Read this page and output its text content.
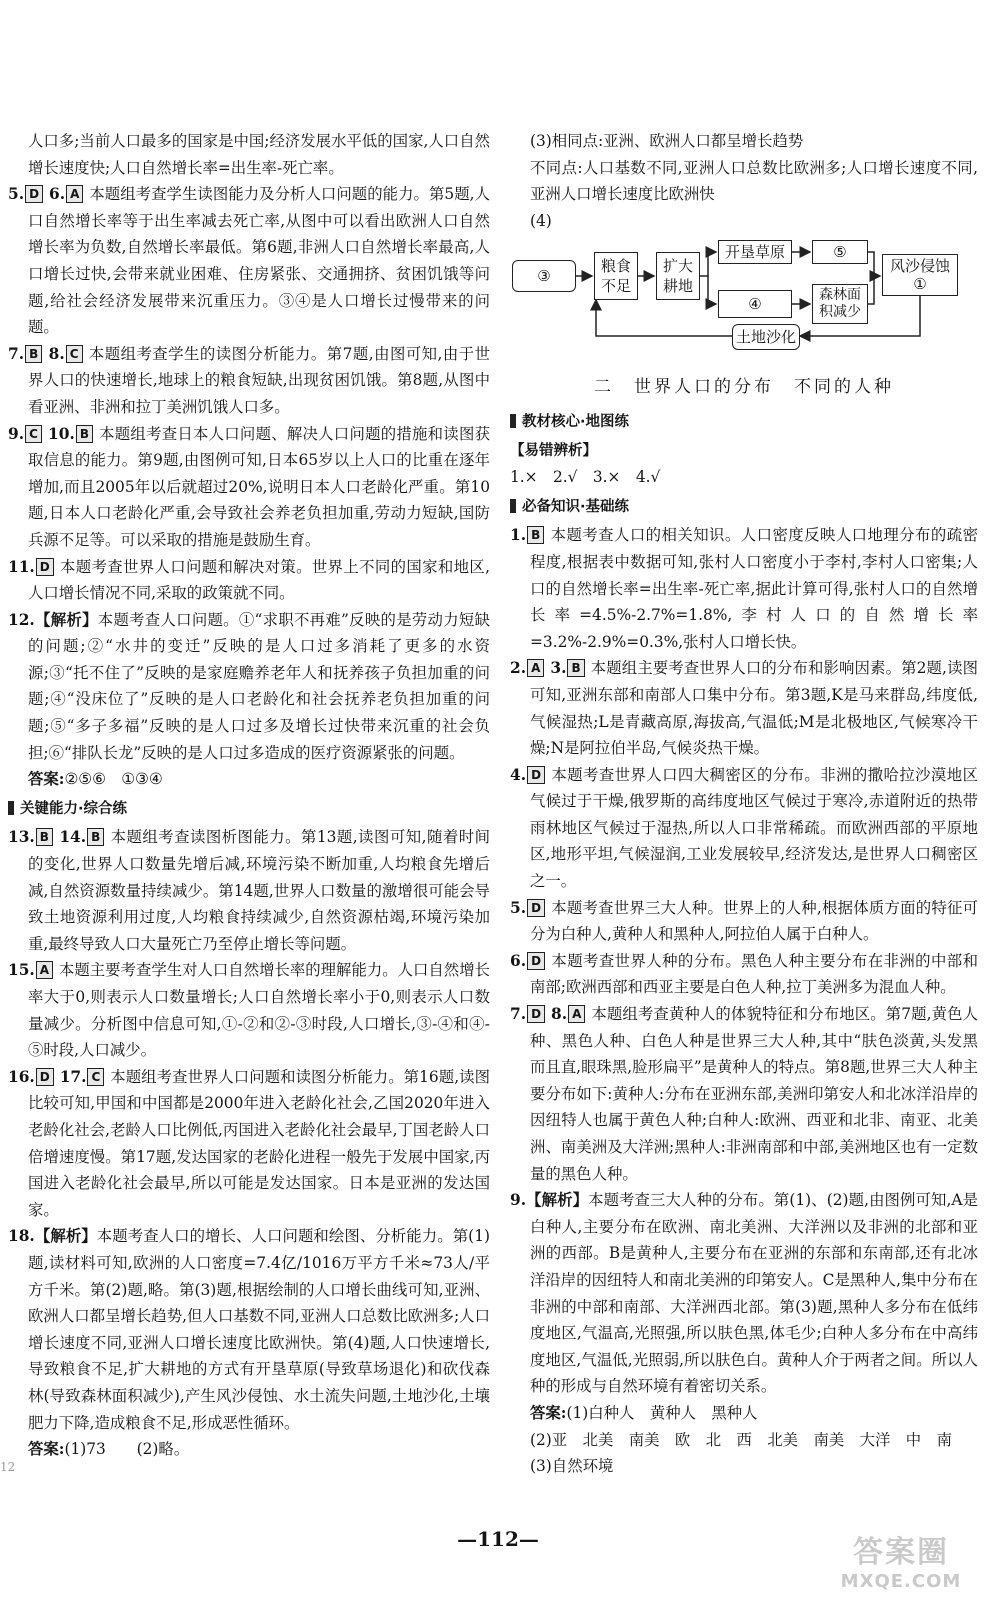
人口多;当前人口最多的国家是中国;经济发展水平低的国家,人口自然增长速度快;人口自然增长率=出生率-死亡率。

5. D 6. A 本题组考查学生读图能力及分析人口问题的能力。第5题,人口自然增长率等于出生率减去死亡率,从图中可以看出欧洲人口自然增长率为负数,自然增长率最低。第6题,非洲人口自然增长率最高,人口增长过快,会带来就业困难、住房紧张、交通拥挤、贫困饥饿等问题,给社会经济发展带来沉重压力。③④是人口增长过慢带来的问题。

7. B 8. C 本题组考查学生的读图分析能力。第7题,由图可知,由于世界人口的快速增长,地球上的粮食短缺,出现贫困饥饿。第8题,从图中看亚洲、非洲和拉丁美洲饥饿人口多。

9. C 10. B 本题组考查日本人口问题、解决人口问题的措施和读图获取信息的能力。第9题,由图例可知,日本65岁以上人口的比重在逐年增加,而且2005年以后就超过20%,说明日本人口老龄化严重。第10题,日本人口老龄化严重,会导致社会养老负担加重,劳动力短缺,国防兵源不足等。可以采取的措施是鼓励生育。

11. D 本题考查世界人口问题和解决对策。世界上不同的国家和地区,人口增长情况不同,采取的政策就不同。

12.【解析】本题考查人口问题。①“求职不再难”反映的是劳动力短缺的问题;②“水井的变迁”反映的是人口过多消耗了更多的水资源;③“托不住了”反映的是家庭赡养老年人和抚养孩子负担加重的问题;④“没床位了”反映的是人口老龄化和社会抚养老负担加重的问题;⑤“多子多福”反映的是人口过多及增长过快带来沉重的社会负担;⑥“排队长龙”反映的是人口过多造成的医疗资源紧张的问题。

答案:②⑤⑥　①③④

关键能力·综合练

13. B 14. B 本题组考查读图析图能力。第13题,读图可知,随着时间的变化,世界人口数量先增后减,环境污染不断加重,人均粮食先增后减,自然资源数量持续减少。第14题,世界人口数量的激增很可能会导致土地资源利用过度,人均粮食持续减少,自然资源枯竭,环境污染加重,最终导致人口大量死亡乃至停止增长等问题。

15. A 本题主要考查学生对人口自然增长率的理解能力。人口自然增长率大于0,则表示人口数量增长;人口自然增长率小于0,则表示人口数量减少。分析图中信息可知,①-②和②-③时段,人口增长,③-④和④-⑤时段,人口减少。

16. D 17. C 本题组考查世界人口问题和读图分析能力。第16题,读图比较可知,甲国和中国都是2000年进入老龄化社会,乙国2020年进入老龄化社会,老龄人口比例低,丙国进入老龄化社会最早,丁国老龄人口倍增速度慢。第17题,发达国家的老龄化进程一般先于发展中国家,丙国进入老龄化社会最早,所以可能是发达国家。日本是亚洲的发达国家。

18.【解析】本题考查人口的增长、人口问题和绘图、分析能力。第(1)题,读材料可知,欧洲的人口密度=7.4亿/1016万平方千米≈73人/平方千米。第(2)题,略。第(3)题,根据绘制的人口增长曲线可知,亚洲、欧洲人口都呈增长趋势,但人口基数不同,亚洲人口总数比欧洲多;人口增长速度不同,亚洲人口增长速度比欧洲快。第(4)题,人口快速增长,导致粮食不足,扩大耕地的方式有开垦草原(导致草场退化)和砍伐森林(导致森林面积减少),产生风沙侵蚀、水土流失问题,土地沙化,土壤肥力下降,造成粮食不足,形成恶性循环。

答案:(1)73　　(2)略。

(3)相同点:亚洲、欧洲人口都呈增长趋势

不同点:人口基数不同,亚洲人口总数比欧洲多;人口增长速度不同,亚洲人口增长速度比欧洲快

(4)

③
粮食不足
扩大耕地
开垦草原	⑤
④	森林面积减少
风沙侵蚀
①
土地沙化
二　世界人口的分布　不同的人种
教材核心·地图练
【易错辨析】

1.×　2.√　3.×　4.√

必备知识·基础练

1. B 本题考查人口的相关知识。人口密度反映人口地理分布的疏密程度,根据表中数据可知,张村人口密度小于李村,李村人口密集;人口的自然增长率=出生率-死亡率,据此计算可得,张村人口的自然增长率=4.5%-2.7%=1.8%,李村人口的自然增长率=3.2%-2.9%=0.3%,张村人口增长快。

2. A 3. B 本题组主要考查世界人口的分布和影响因素。第2题,读图可知,亚洲东部和南部人口集中分布。第3题,K是马来群岛,纬度低,气候湿热;L是青藏高原,海拔高,气温低;M是北极地区,气候寒冷干燥;N是阿拉伯半岛,气候炎热干燥。

4. D 本题考查世界人口四大稠密区的分布。非洲的撒哈拉沙漠地区气候过于干燥,俄罗斯的高纬度地区气候过于寒冷,赤道附近的热带雨林地区气候过于湿热,所以人口非常稀疏。而欧洲西部的平原地区,地形平坦,气候湿润,工业发展较早,经济发达,是世界人口稠密区之一。

5. D 本题考查世界三大人种。世界上的人种,根据体质方面的特征可分为白种人,黄种人和黑种人,阿拉伯人属于白种人。

6. D 本题考查世界人种的分布。黑色人种主要分布在非洲的中部和南部;欧洲西部和西亚主要是白色人种,拉丁美洲多为混血人种。

7. D 8. A 本题组考查黄种人的体貌特征和分布地区。第7题,黄色人种、黑色人种、白色人种是世界三大人种,其中“肤色淡黄,头发黑而且直,眼珠黑,脸形扁平”是黄种人的特点。第8题,世界三大人种主要分布如下:黄种人:分布在亚洲东部,美洲印第安人和北冰洋沿岸的因纽特人也属于黄色人种;白种人:欧洲、西亚和北非、南亚、北美洲、南美洲及大洋洲;黑种人:非洲南部和中部,美洲地区也有一定数量的黑色人种。

9.【解析】本题考查三大人种的分布。第(1)、(2)题,由图例可知,A是白种人,主要分布在欧洲、南北美洲、大洋洲以及非洲的北部和亚洲的西部。B是黄种人,主要分布在亚洲的东部和东南部,还有北冰洋沿岸的因纽特人和南北美洲的印第安人。C是黑种人,集中分布在非洲的中部和南部、大洋洲西北部。第(3)题,黑种人多分布在低纬度地区,气温高,光照强,所以肤色黑,体毛少;白种人多分布在中高纬度地区,气温低,光照弱,所以肤色白。黄种人介于两者之间。所以人种的形成与自然环境有着密切关系。

答案:(1)白种人　黄种人　黑种人

(2)亚　北美　南美　欧　北　西　北美　南美　大洋　中　南

(3)自然环境

12
—112—	答案圈
MXQE.COM
